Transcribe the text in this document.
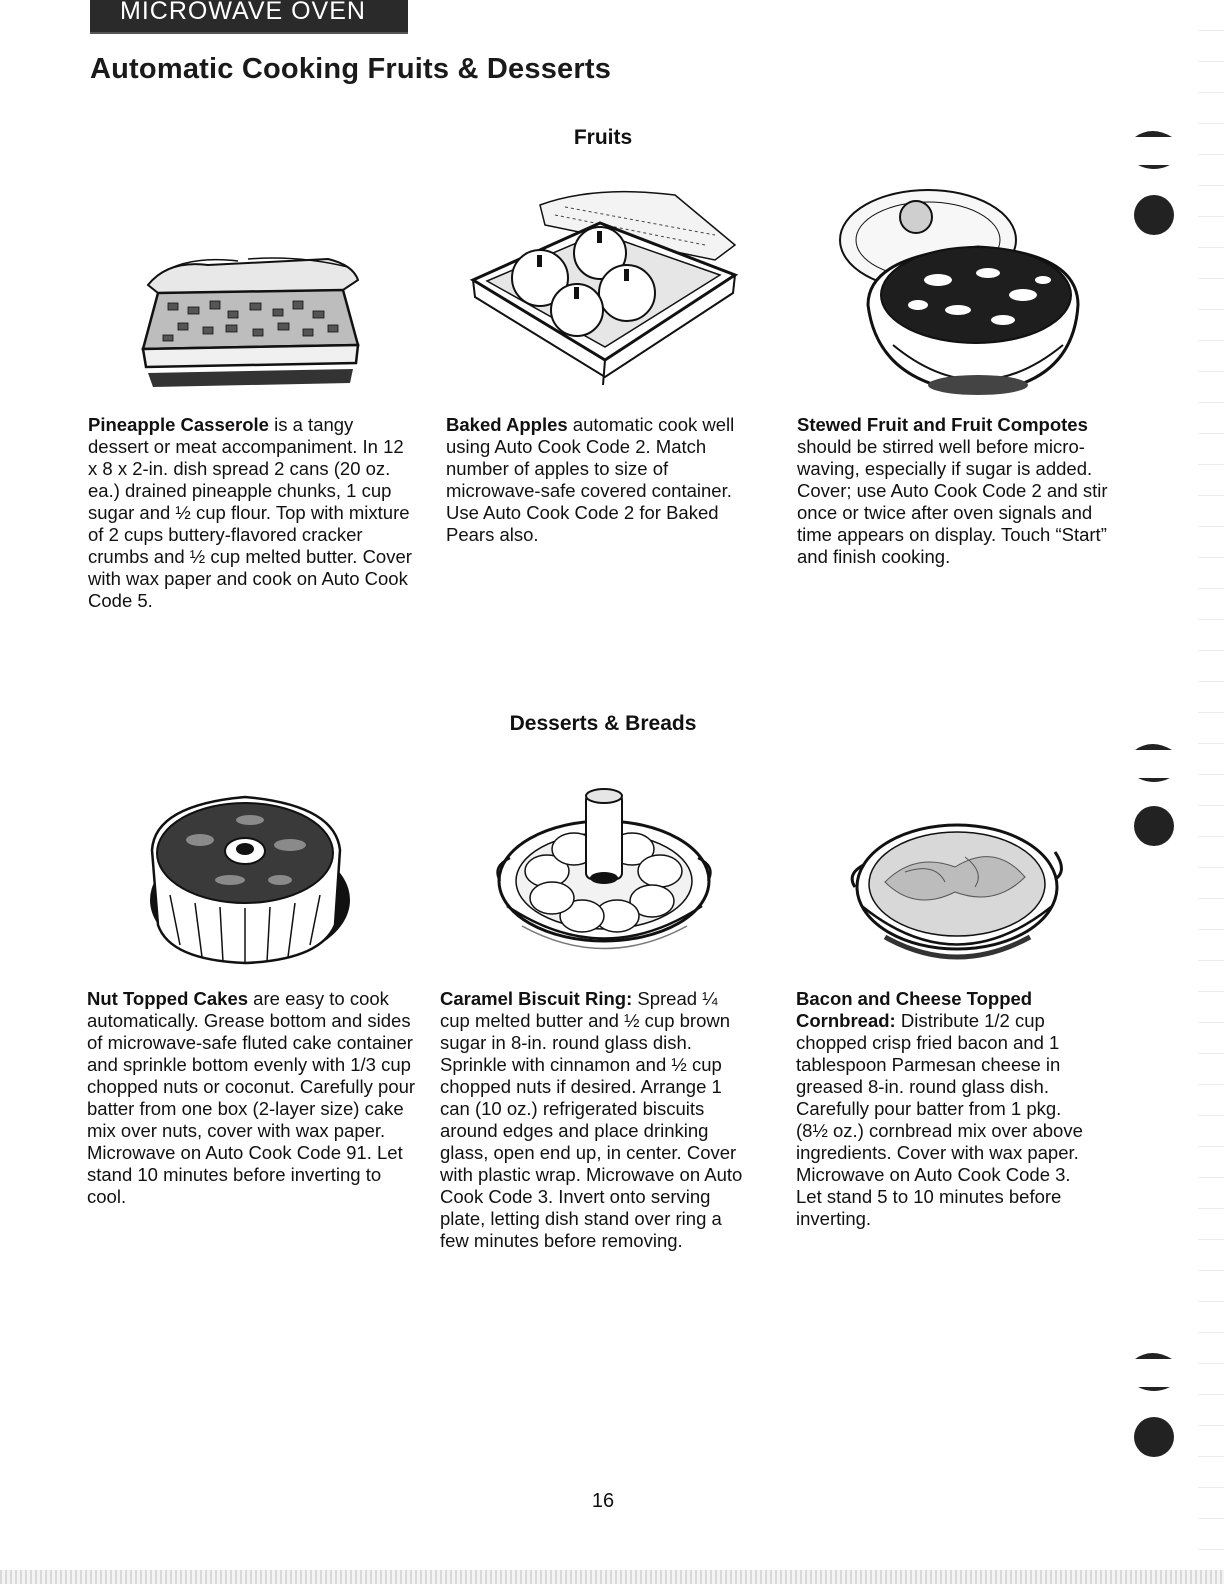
MICROWAVE OVEN
Automatic Cooking Fruits & Desserts
Fruits

Pineapple Casserole is a tangy dessert or meat accompaniment. In 12 x 8 x 2-in. dish spread 2 cans (20 oz. ea.) drained pineapple chunks, 1 cup sugar and ½ cup flour. Top with mixture of 2 cups buttery-flavored cracker crumbs and ½ cup melted butter. Cover with wax paper and cook on Auto Cook Code 5.

Baked Apples automatic cook well using Auto Cook Code 2. Match number of apples to size of microwave-safe covered container. Use Auto Cook Code 2 for Baked Pears also.

Stewed Fruit and Fruit Compotes should be stirred well before micro-waving, especially if sugar is added. Cover; use Auto Cook Code 2 and stir once or twice after oven signals and time appears on display. Touch “Start” and finish cooking.

Desserts & Breads

Nut Topped Cakes are easy to cook automatically. Grease bottom and sides of microwave-safe fluted cake container and sprinkle bottom evenly with 1/3 cup chopped nuts or coconut. Carefully pour batter from one box (2-layer size) cake mix over nuts, cover with wax paper. Microwave on Auto Cook Code 91. Let stand 10 minutes before inverting to cool.

Caramel Biscuit Ring: Spread ¼ cup melted butter and ½ cup brown sugar in 8-in. round glass dish. Sprinkle with cinnamon and ½ cup chopped nuts if desired. Arrange 1 can (10 oz.) refrigerated biscuits around edges and place drinking glass, open end up, in center. Cover with plastic wrap. Microwave on Auto Cook Code 3. Invert onto serving plate, letting dish stand over ring a few minutes before removing.

Bacon and Cheese Topped Cornbread: Distribute 1/2 cup chopped crisp fried bacon and 1 tablespoon Parmesan cheese in greased 8-in. round glass dish. Carefully pour batter from 1 pkg. (8½ oz.) cornbread mix over above ingredients. Cover with wax paper. Microwave on Auto Cook Code 3. Let stand 5 to 10 minutes before inverting.

16
